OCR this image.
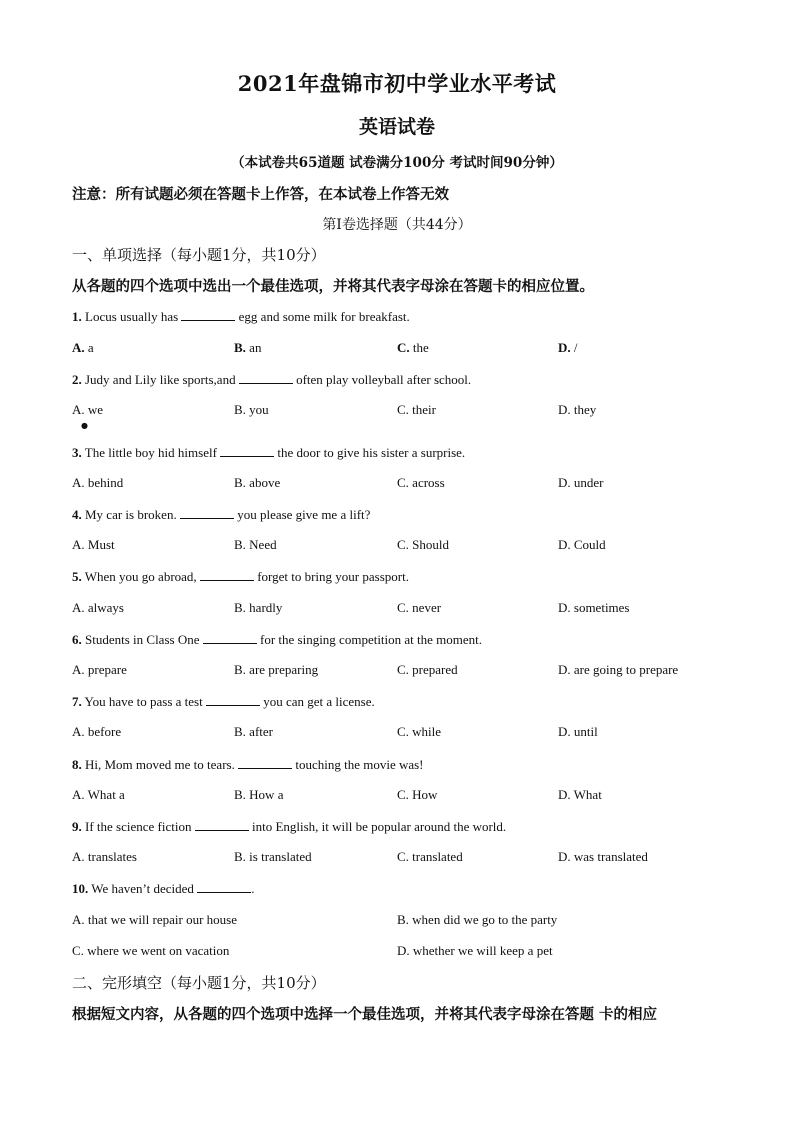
2021年盘锦市初中学业水平考试
英语试卷
（本试卷共65道题 试卷满分100分 考试时间90分钟）
注意：所有试题必须在答题卡上作答，在本试卷上作答无效
第Ⅰ卷选择题（共44分）
一、单项选择（每小题1分，共10分）
从各题的四个选项中选出一个最佳选项，并将其代表字母涂在答题卡的相应位置。
1. Locus usually has	egg and some milk for breakfast.
A. a	B. an	C. the	D. /
2. Judy and Lily like sports,and	often play volleyball after school.
A. we	B. you	C. their	D. they
●
3. The little boy hid himself	the door to give his sister a surprise.
A. behind	B. above	C. across	D. under
4. My car is broken.	you please give me a lift?
A. Must	B. Need	C. Should	D. Could
5. When you go abroad,	forget to bring your passport.
A. always	B. hardly	C. never	D. sometimes
6. Students in Class One	for the singing competition at the moment.
A. prepare	B. are preparing	C. prepared	D. are going to prepare
7. You have to pass a test	you can get a license.
A. before	B. after	C. while	D. until
8. Hi, Mom moved me to tears.	touching the movie was!
A. What a	B. How a	C. How	D. What
9. If the science fiction	into English, it will be popular around the world.
A. translates	B. is translated	C. translated	D. was translated
10. We haven’t decided	.
A. that we will repair our house	B. when did we go to the party
C. where we went on vacation	D. whether we will keep a pet
二、完形填空（每小题1分，共10分）
根据短文内容，从各题的四个选项中选择一个最佳选项，并将其代表字母涂在答题 卡的相应
